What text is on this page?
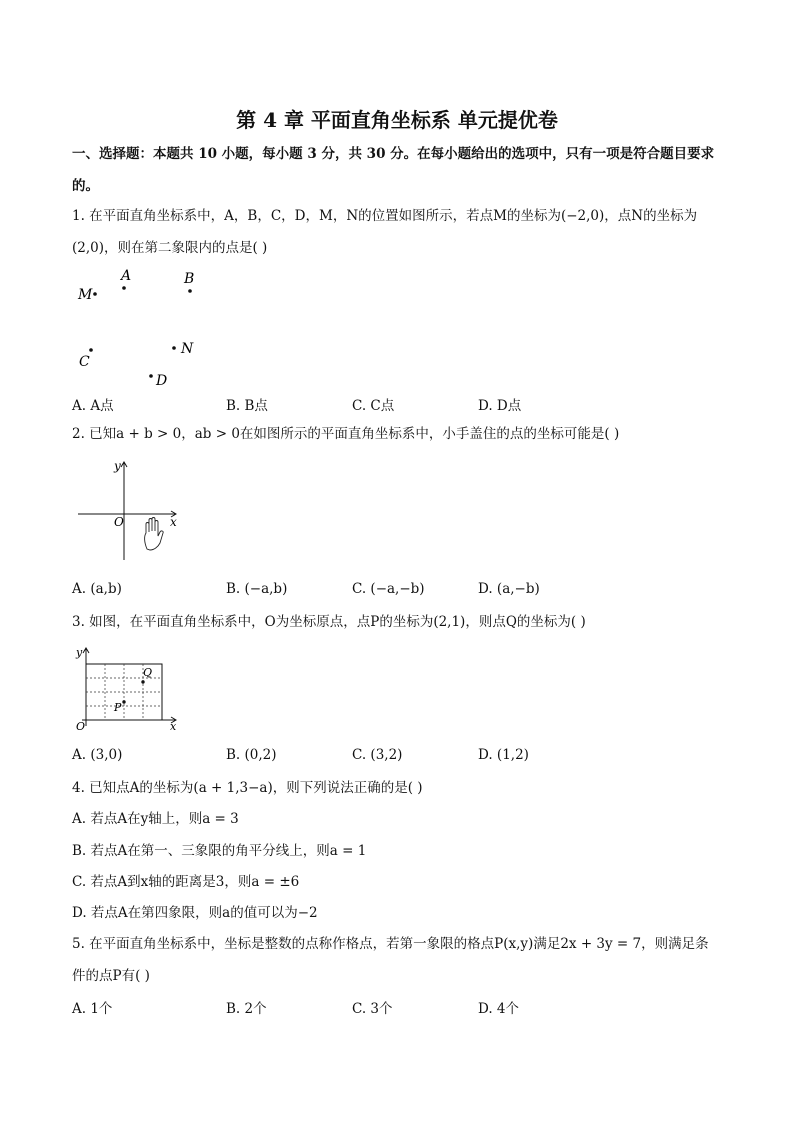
第 4 章 平面直角坐标系 单元提优卷
一、选择题：本题共 10 小题，每小题 3 分，共 30 分。在每小题给出的选项中，只有一项是符合题目要求
的。
1. 在平面直角坐标系中，A，B，C，D，M，N的位置如图所示，若点M的坐标为(−2,0)，点N的坐标为
(2,0)，则在第二象限内的点是( )
M
A	B
C
N
D
A. A点	B. B点	C. C点	D. D点
2. 已知a + b > 0，ab > 0在如图所示的平面直角坐标系中，小手盖住的点的坐标可能是( )
y
x
O
A. (a,b)	B. (−a,b)	C. (−a,−b)	D. (a,−b)
3. 如图，在平面直角坐标系中，O为坐标原点，点P的坐标为(2,1)，则点Q的坐标为( )
y
x
O
P
Q
A. (3,0)	B. (0,2)	C. (3,2)	D. (1,2)
4. 已知点A的坐标为(a + 1,3−a)，则下列说法正确的是( )
A. 若点A在y轴上，则a = 3
B. 若点A在第一、三象限的角平分线上，则a = 1
C. 若点A到x轴的距离是3，则a = ±6
D. 若点A在第四象限，则a的值可以为−2
5. 在平面直角坐标系中，坐标是整数的点称作格点，若第一象限的格点P(x,y)满足2x + 3y = 7，则满足条
件的点P有( )
A. 1个	B. 2个	C. 3个	D. 4个
